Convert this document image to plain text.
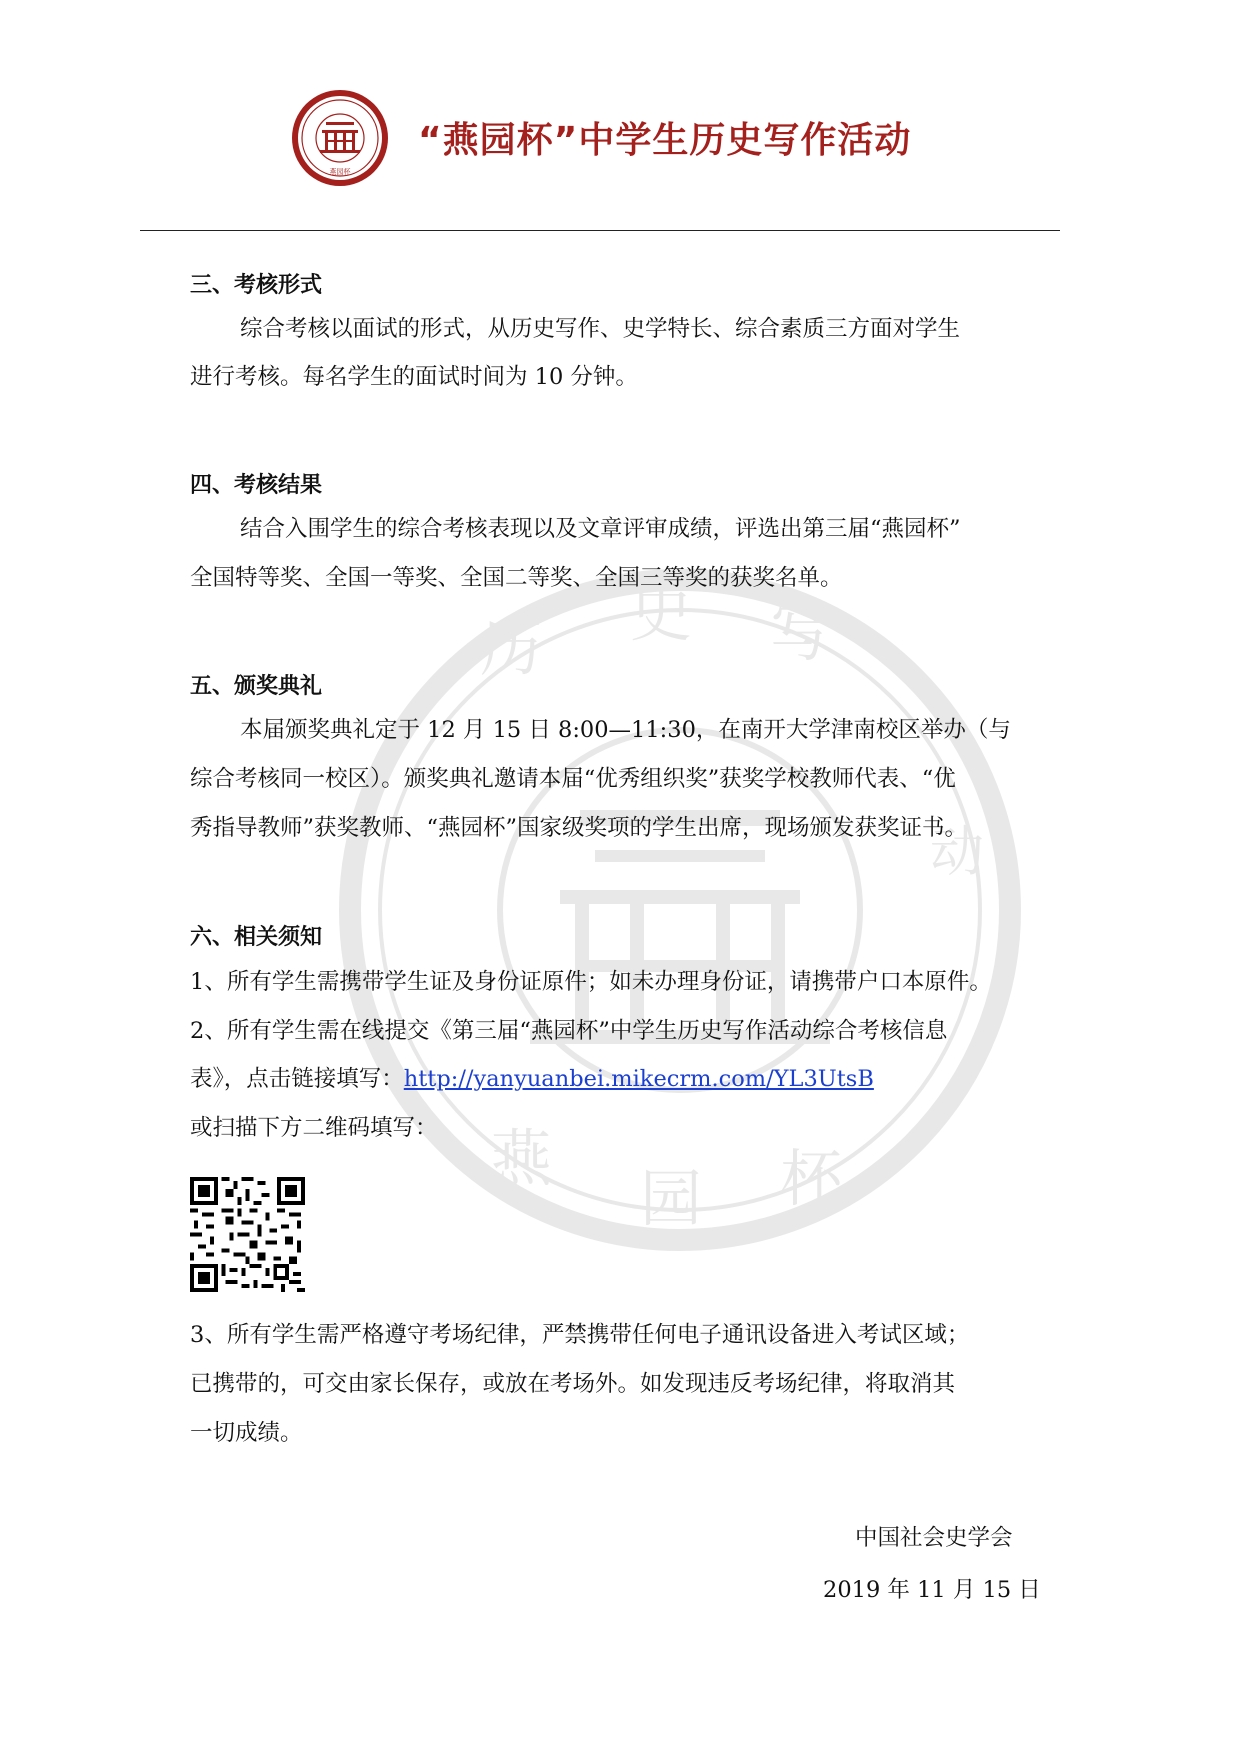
历 史 写
燕
园 杯
动
燕园杯
“燕园杯”中学生历史写作活动
三、考核形式
综合考核以面试的形式，从历史写作、史学特长、综合素质三方面对学生
进行考核。每名学生的面试时间为 10 分钟。
四、考核结果
结合入围学生的综合考核表现以及文章评审成绩，评选出第三届“燕园杯”
全国特等奖、全国一等奖、全国二等奖、全国三等奖的获奖名单。
五、颁奖典礼
本届颁奖典礼定于 12 月 15 日 8:00—11:30，在南开大学津南校区举办（与
综合考核同一校区）。颁奖典礼邀请本届“优秀组织奖”获奖学校教师代表、“优
秀指导教师”获奖教师、“燕园杯”国家级奖项的学生出席，现场颁发获奖证书。
六、相关须知
1、所有学生需携带学生证及身份证原件；如未办理身份证，请携带户口本原件。
2、所有学生需在线提交《第三届“燕园杯”中学生历史写作活动综合考核信息
表》，点击链接填写：http://yanyuanbei.mikecrm.com/YL3UtsB
或扫描下方二维码填写：
3、所有学生需严格遵守考场纪律，严禁携带任何电子通讯设备进入考试区域；
已携带的，可交由家长保存，或放在考场外。如发现违反考场纪律，将取消其
一切成绩。
中国社会史学会
2019 年 11 月 15 日
